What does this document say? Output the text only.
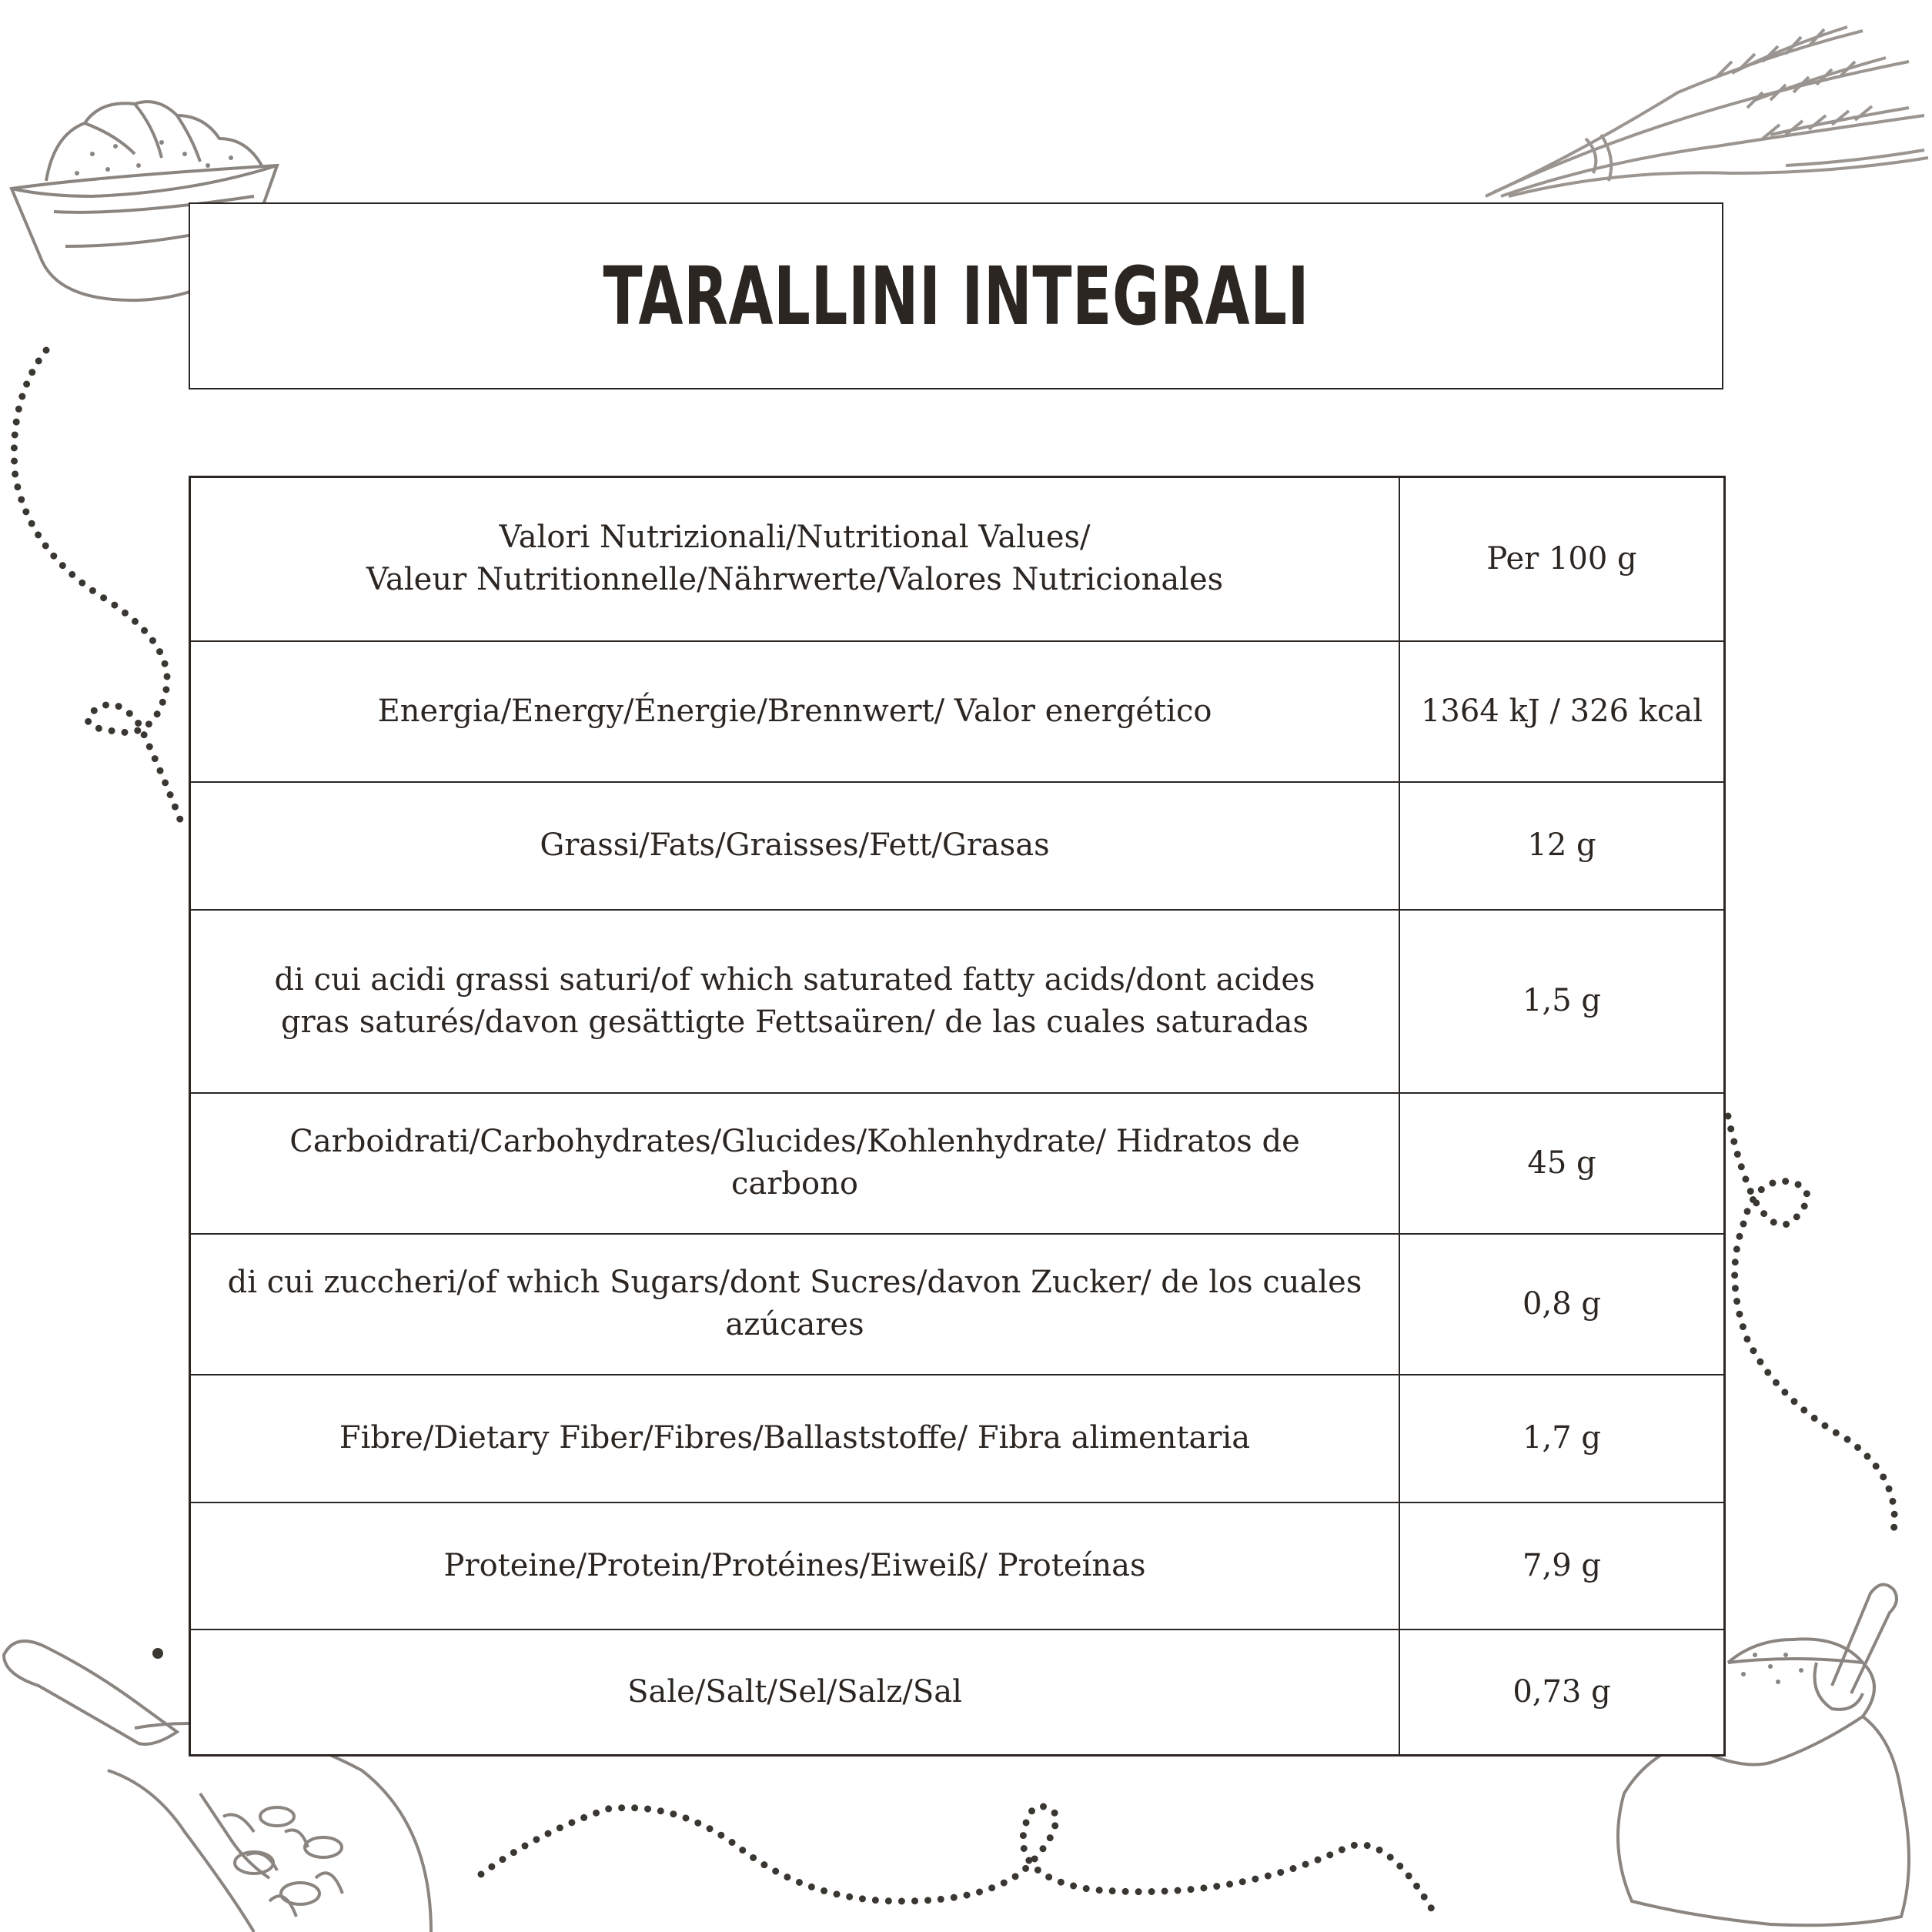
TARALLINI INTEGRALI
Valori Nutrizionali/Nutritional Values/
Valeur Nutritionnelle/Nährwerte/Valores Nutricionales	Per 100 g
Energia/Energy/Énergie/Brennwert/ Valor energético	1364 kJ / 326 kcal
Grassi/Fats/Graisses/Fett/Grasas	12 g
di cui acidi grassi saturi/of which saturated fatty acids/dont acides gras saturés/davon gesättigte Fettsaüren/ de las cuales saturadas	1,5 g
Carboidrati/Carbohydrates/Glucides/Kohlenhydrate/ Hidratos de carbono	45 g
di cui zuccheri/of which Sugars/dont Sucres/davon Zucker/ de los cuales azúcares	0,8 g
Fibre/Dietary Fiber/Fibres/Ballaststoffe/ Fibra alimentaria	1,7 g
Proteine/Protein/Protéines/Eiweiß/ Proteínas	7,9 g
Sale/Salt/Sel/Salz/Sal	0,73 g
